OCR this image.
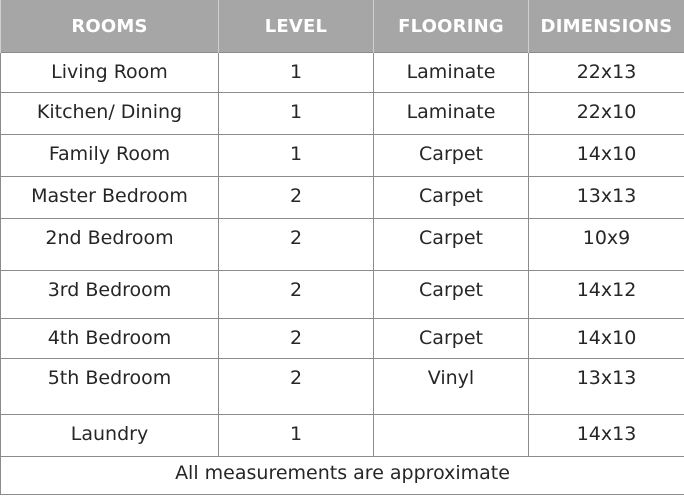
ROOMS	LEVEL	FLOORING	DIMENSIONS
Living Room	1	Laminate	22x13
Kitchen/ Dining	1	Laminate	22x10
Family Room	1	Carpet	14x10
Master Bedroom	2	Carpet	13x13
2nd Bedroom	2	Carpet	10x9
3rd Bedroom	2	Carpet	14x12
4th Bedroom	2	Carpet	14x10
5th Bedroom	2	Vinyl	13x13
Laundry	1		14x13
All measurements are approximate			
